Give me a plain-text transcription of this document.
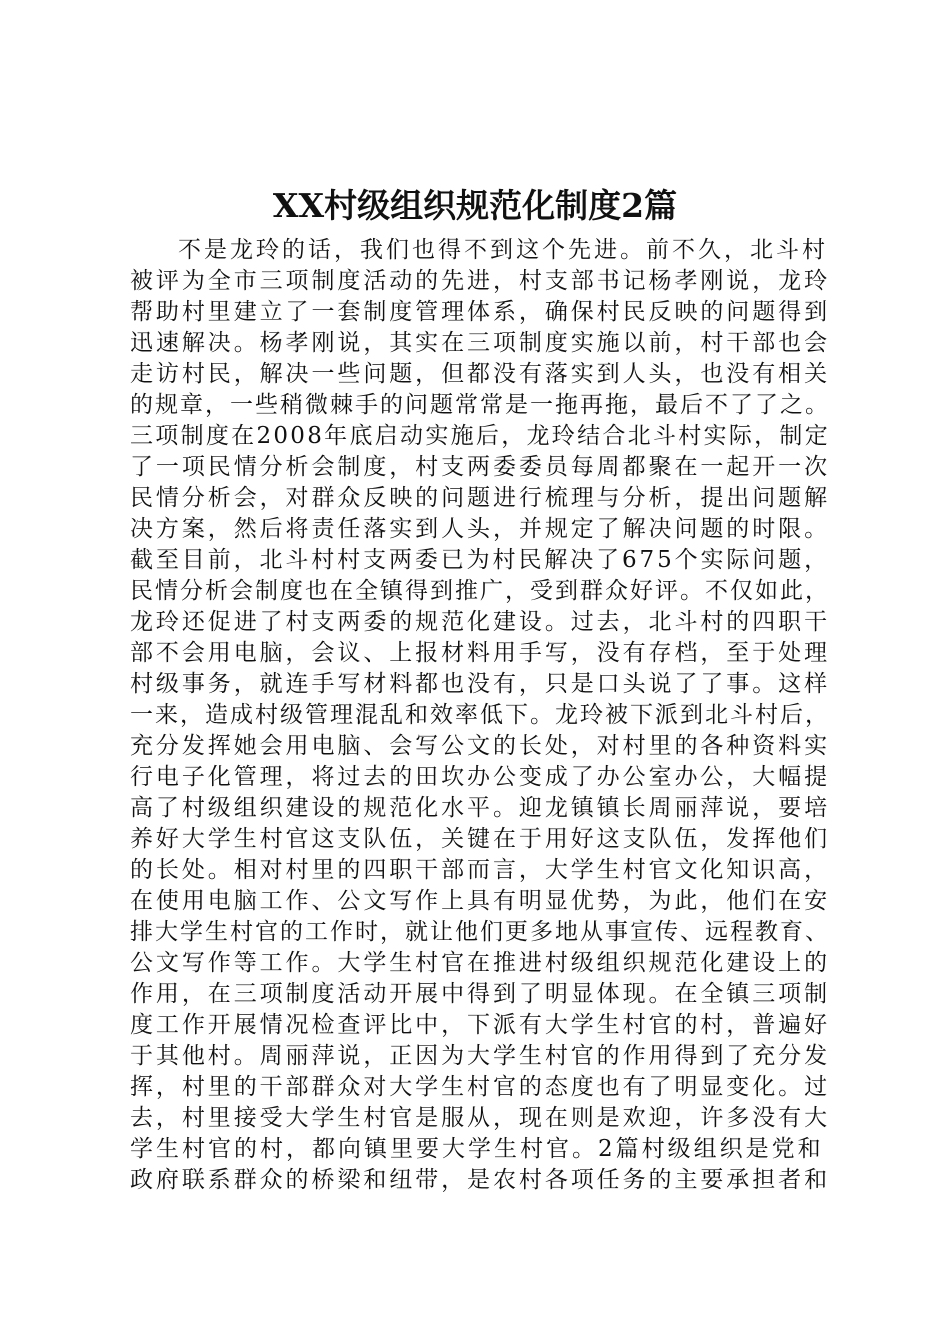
XX村级组织规范化制度2篇
不是龙玲的话，我们也得不到这个先进。前不久，北斗村
被评为全市三项制度活动的先进，村支部书记杨孝刚说，龙玲
帮助村里建立了一套制度管理体系，确保村民反映的问题得到
迅速解决。杨孝刚说，其实在三项制度实施以前，村干部也会
走访村民，解决一些问题，但都没有落实到人头，也没有相关
的规章，一些稍微棘手的问题常常是一拖再拖，最后不了了之。
三项制度在2008年底启动实施后，龙玲结合北斗村实际，制定
了一项民情分析会制度，村支两委委员每周都聚在一起开一次
民情分析会，对群众反映的问题进行梳理与分析，提出问题解
决方案，然后将责任落实到人头，并规定了解决问题的时限。
截至目前，北斗村村支两委已为村民解决了675个实际问题，
民情分析会制度也在全镇得到推广，受到群众好评。不仅如此，
龙玲还促进了村支两委的规范化建设。过去，北斗村的四职干
部不会用电脑，会议、上报材料用手写，没有存档，至于处理
村级事务，就连手写材料都也没有，只是口头说了了事。这样
一来，造成村级管理混乱和效率低下。龙玲被下派到北斗村后，
充分发挥她会用电脑、会写公文的长处，对村里的各种资料实
行电子化管理，将过去的田坎办公变成了办公室办公，大幅提
高了村级组织建设的规范化水平。迎龙镇镇长周丽萍说，要培
养好大学生村官这支队伍，关键在于用好这支队伍，发挥他们
的长处。相对村里的四职干部而言，大学生村官文化知识高，
在使用电脑工作、公文写作上具有明显优势，为此，他们在安
排大学生村官的工作时，就让他们更多地从事宣传、远程教育、
公文写作等工作。大学生村官在推进村级组织规范化建设上的
作用，在三项制度活动开展中得到了明显体现。在全镇三项制
度工作开展情况检查评比中，下派有大学生村官的村，普遍好
于其他村。周丽萍说，正因为大学生村官的作用得到了充分发
挥，村里的干部群众对大学生村官的态度也有了明显变化。过
去，村里接受大学生村官是服从，现在则是欢迎，许多没有大
学生村官的村，都向镇里要大学生村官。2篇村级组织是党和
政府联系群众的桥梁和纽带，是农村各项任务的主要承担者和
